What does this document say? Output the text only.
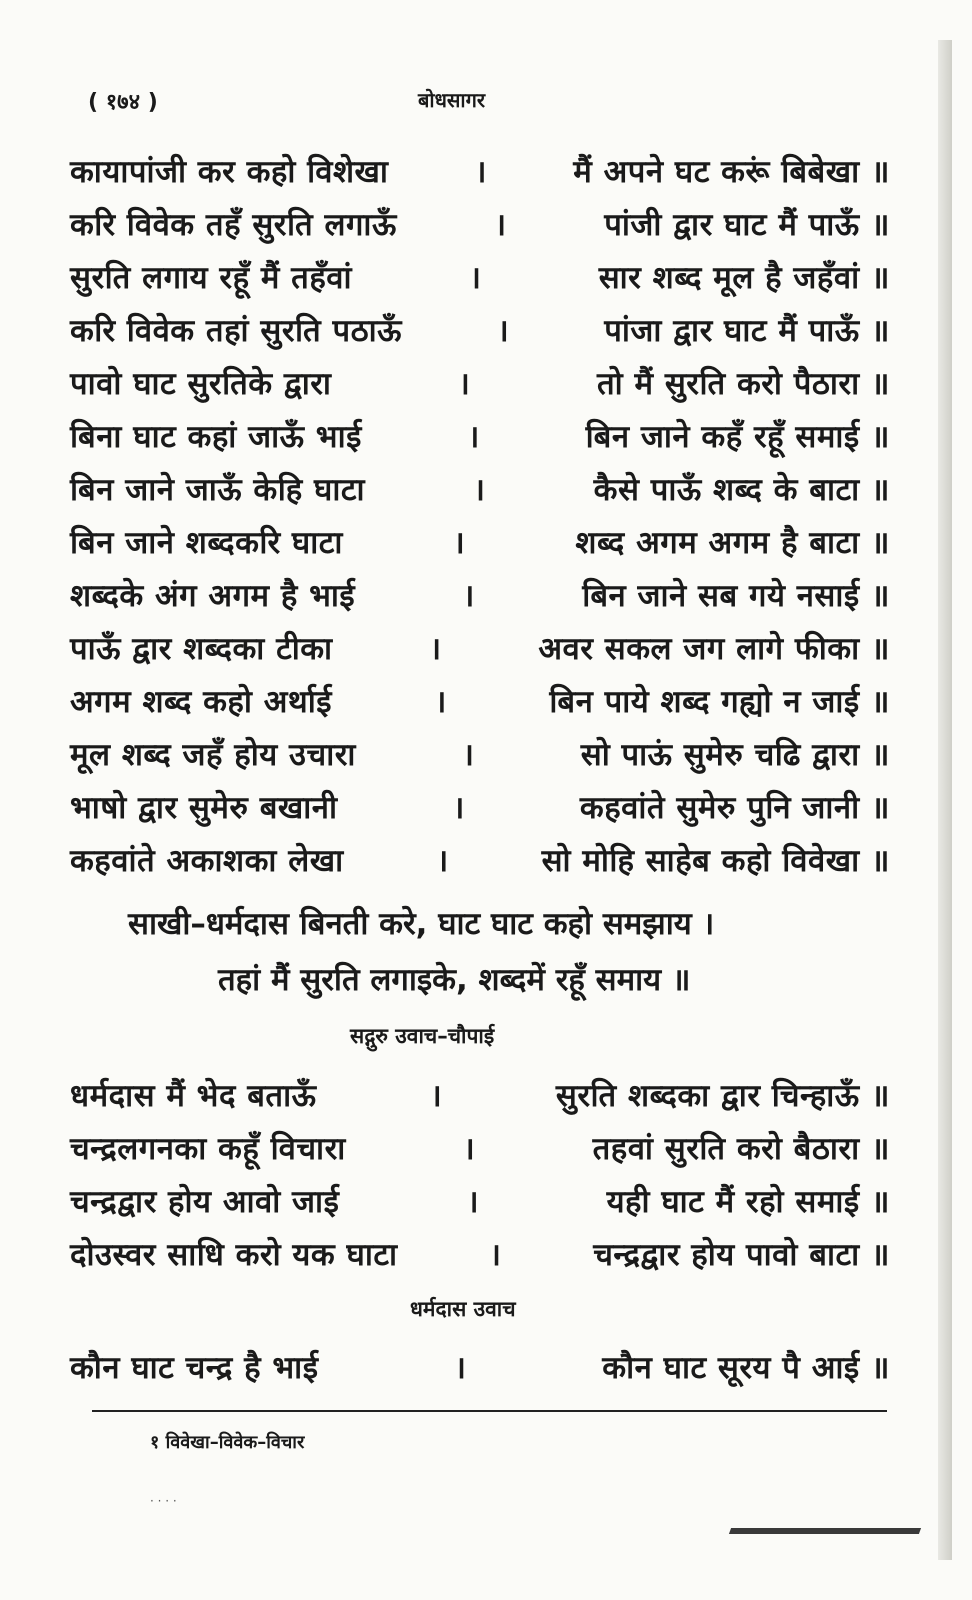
( १७४ )	बोधसागर
कायापांजी कर कहो विशेखा	।	मैं अपने घट करूं बिबेखा ॥
करि विवेक तहँ सुरति लगाऊँ	।	पांजी द्वार घाट मैं पाऊँ ॥
सुरति लगाय रहूँ मैं तहँवां	।	सार शब्द मूल है जहँवां ॥
करि विवेक तहां सुरति पठाऊँ	।	पांजा द्वार घाट मैं पाऊँ ॥
पावो घाट सुरतिके द्वारा	।	तो मैं सुरति करो पैठारा ॥
बिना घाट कहां जाऊँ भाई	।	बिन जाने कहँ रहूँ समाई ॥
बिन जाने जाऊँ केहि घाटा	।	कैसे पाऊँ शब्द के बाटा ॥
बिन जाने शब्दकरि घाटा	।	शब्द अगम अगम है बाटा ॥
शब्दके अंग अगम है भाई	।	बिन जाने सब गये नसाई ॥
पाऊँ द्वार शब्दका टीका	।	अवर सकल जग लागे फीका ॥
अगम शब्द कहो अर्थाई	।	बिन पाये शब्द गह्यो न जाई ॥
मूल शब्द जहँ होय उचारा	।	सो पाऊं सुमेरु चढि द्वारा ॥
भाषो द्वार सुमेरु बखानी	।	कहवांते सुमेरु पुनि जानी ॥
कहवांते अकाशका लेखा	।	सो मोहि साहेब कहो विवेखा ॥
साखी–धर्मदास बिनती करे, घाट घाट कहो समझाय ।
तहां मैं सुरति लगाइके, शब्दमें रहूँ समाय ॥
सद्गुरु उवाच–चौपाई
धर्मदास मैं भेद बताऊँ	।	सुरति शब्दका द्वार चिन्हाऊँ ॥
चन्द्रलगनका कहूँ विचारा	।	तहवां सुरति करो बैठारा ॥
चन्द्रद्वार होय आवो जाई	।	यही घाट मैं रहो समाई ॥
दोउस्वर साधि करो यक घाटा	।	चन्द्रद्वार होय पावो बाटा ॥
धर्मदास उवाच
कौन घाट चन्द्र है भाई	।	कौन घाट सूरय पै आई ॥
१ विवेखा–विवेक–विचार
· · · ·
